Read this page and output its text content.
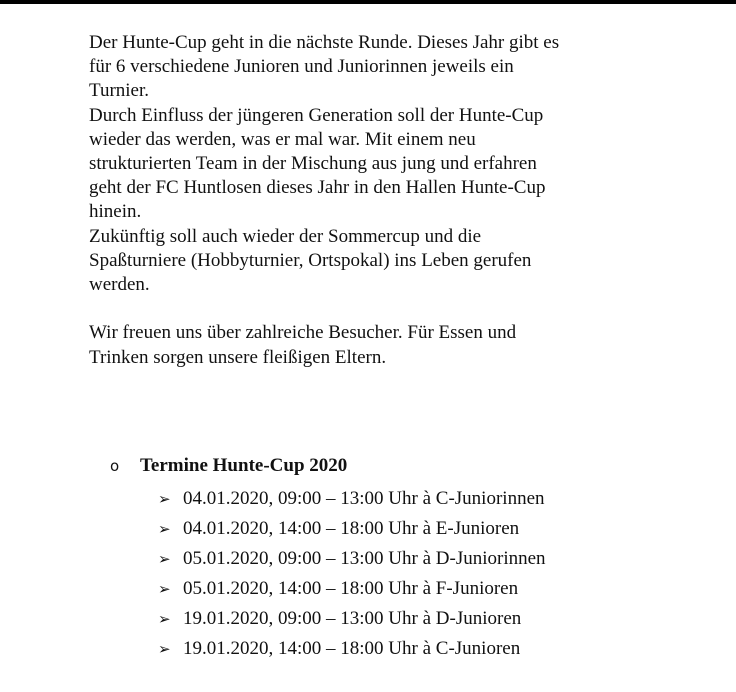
Der Hunte-Cup geht in die nächste Runde. Dieses Jahr gibt es
für 6 verschiedene Junioren und Juniorinnen jeweils ein
Turnier.
Durch Einfluss der jüngeren Generation soll der Hunte-Cup
wieder das werden, was er mal war. Mit einem neu
strukturierten Team in der Mischung aus jung und erfahren
geht der FC Huntlosen dieses Jahr in den Hallen Hunte-Cup
hinein.
Zukünftig soll auch wieder der Sommercup und die
Spaßturniere (Hobbyturnier, Ortspokal) ins Leben gerufen
werden.
Wir freuen uns über zahlreiche Besucher. Für Essen und
Trinken sorgen unsere fleißigen Eltern.
o Termine Hunte-Cup 2020
➢ 04.01.2020, 09:00 – 13:00 Uhr à C-Juniorinnen
➢ 04.01.2020, 14:00 – 18:00 Uhr à E-Junioren
➢ 05.01.2020, 09:00 – 13:00 Uhr à D-Juniorinnen
➢ 05.01.2020, 14:00 – 18:00 Uhr à F-Junioren
➢ 19.01.2020, 09:00 – 13:00 Uhr à D-Junioren
➢ 19.01.2020, 14:00 – 18:00 Uhr à C-Junioren
